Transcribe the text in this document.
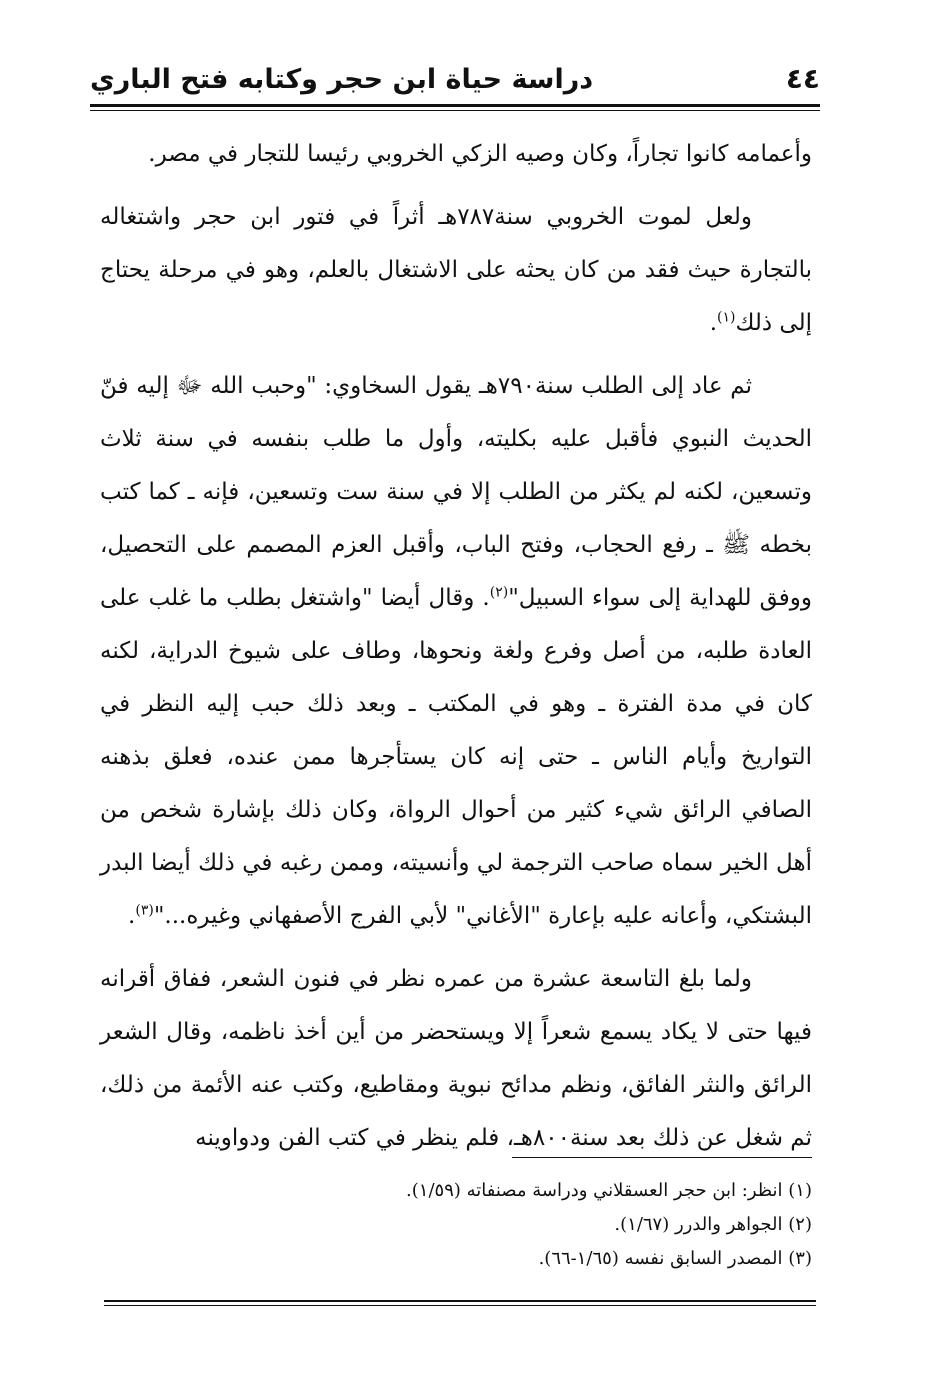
دراسة حياة ابن حجر وكتابه فتح الباري	٤٤

وأعمامه كانوا تجاراً، وكان وصيه الزكي الخروبي رئيسا للتجار في مصر.

ولعل لموت الخروبي سنة٧٨٧هـ أثراً في فتور ابن حجر واشتغاله بالتجارة حيث فقد من كان يحثه على الاشتغال بالعلم، وهو في مرحلة يحتاج إلى ذلك$^{(١)}$.

ثم عاد إلى الطلب سنة٧٩٠هـ يقول السخاوي: "وحبب الله ﷻ إليه فنّ الحديث النبوي فأقبل عليه بكليته، وأول ما طلب بنفسه في سنة ثلاث وتسعين، لكنه لم يكثر من الطلب إلا في سنة ست وتسعين، فإنه ـ كما كتب بخطه ﷺ ـ رفع الحجاب، وفتح الباب، وأقبل العزم المصمم على التحصيل، ووفق للهداية إلى سواء السبيل"$^{(٢)}$. وقال أيضا "واشتغل بطلب ما غلب على العادة طلبه، من أصل وفرع ولغة ونحوها، وطاف على شيوخ الدراية، لكنه كان في مدة الفترة ـ وهو في المكتب ـ وبعد ذلك حبب إليه النظر في التواريخ وأيام الناس ـ حتى إنه كان يستأجرها ممن عنده، فعلق بذهنه الصافي الرائق شيء كثير من أحوال الرواة، وكان ذلك بإشارة شخص من أهل الخير سماه صاحب الترجمة لي وأنسيته، وممن رغبه في ذلك أيضا البدر البشتكي، وأعانه عليه بإعارة "الأغاني" لأبي الفرج الأصفهاني وغيره..."$^{(٣)}$.

ولما بلغ التاسعة عشرة من عمره نظر في فنون الشعر، ففاق أقرانه فيها حتى لا يكاد يسمع شعراً إلا ويستحضر من أين أخذ ناظمه، وقال الشعر الرائق والنثر الفائق، ونظم مدائح نبوية ومقاطيع، وكتب عنه الأئمة من ذلك، ثم شغل عن ذلك بعد سنة٨٠٠هـ، فلم ينظر في كتب الفن ودواوينه

(١) انظر: ابن حجر العسقلاني ودراسة مصنفاته (١/٥٩).
(٢) الجواهر والدرر (١/٦٧).
(٣) المصدر السابق نفسه (١/٦٥-٦٦).
